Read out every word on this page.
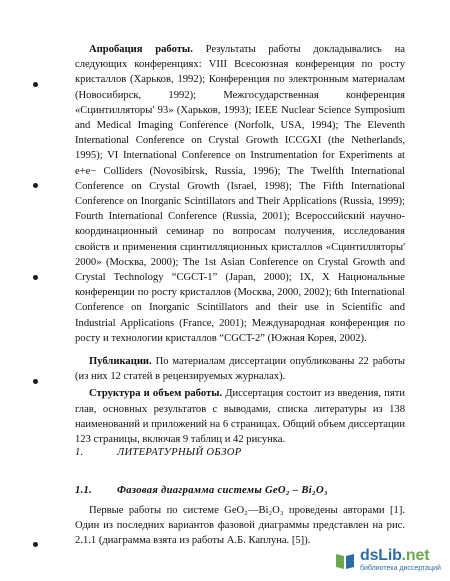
Апробация работы. Результаты работы докладывались на следующих конференциях: VIII Всесоюзная конференция по росту кристаллов (Харьков, 1992); Конференция по электронным материалам (Новосибирск, 1992); Межгосударственная конференция «Сцинтилляторы' 93» (Харьков, 1993); IEEE Nuclear Science Symposium and Medical Imaging Conference (Norfolk, USA, 1994); The Eleventh International Conference on Crystal Growth ICCGXI (the Netherlands, 1995); VI International Conference on Instrumentation for Experiments at e+e− Colliders (Novosibirsk, Russia, 1996); The Twelfth International Conference on Crystal Growth (Israel, 1998); The Fifth International Conference on Inorganic Scintillators and Their Applications (Russia, 1999); Fourth International Conference (Russia, 2001); Всероссийский научно-координационный семинар по вопросам получения, исследования свойств и применения сцинтилляционных кристаллов «Сцинтилляторы' 2000» (Москва, 2000); The 1st Asian Conference on Crystal Growth and Crystal Technology “CGCT-1” (Japan, 2000); IX, X Национальные конференции по росту кристаллов (Москва, 2000, 2002); 6th International Conference on Inorganic Scintillators and their use in Scientific and Industrial Applications (France, 2001); Международная конференция по росту и технологии кристаллов “CGCT-2” (Южная Корея, 2002).

Публикации. По материалам диссертации опубликованы 22 работы (из них 12 статей в рецензируемых журналах).

Структура и объем работы. Диссертация состоит из введения, пяти глав, основных результатов с выводами, списка литературы из 138 наименований и приложений на 6 страницах. Общий объем диссертации 123 страницы, включая 9 таблиц и 42 рисунка.

1.	ЛИТЕРАТУРНЫЙ ОБЗОР
1.1. Фазовая диаграмма системы GeO₂ – Bi₂O₃

Первые работы по системе GeO₂—Bi₂O₃ проведены авторами [1]. Один из последних вариантов фазовой диаграммы представлен на рис. 2.1.1 (диаграмма взята из работы А.Б. Каплуна. [5]).

dsLib.net
библиотека диссертаций
